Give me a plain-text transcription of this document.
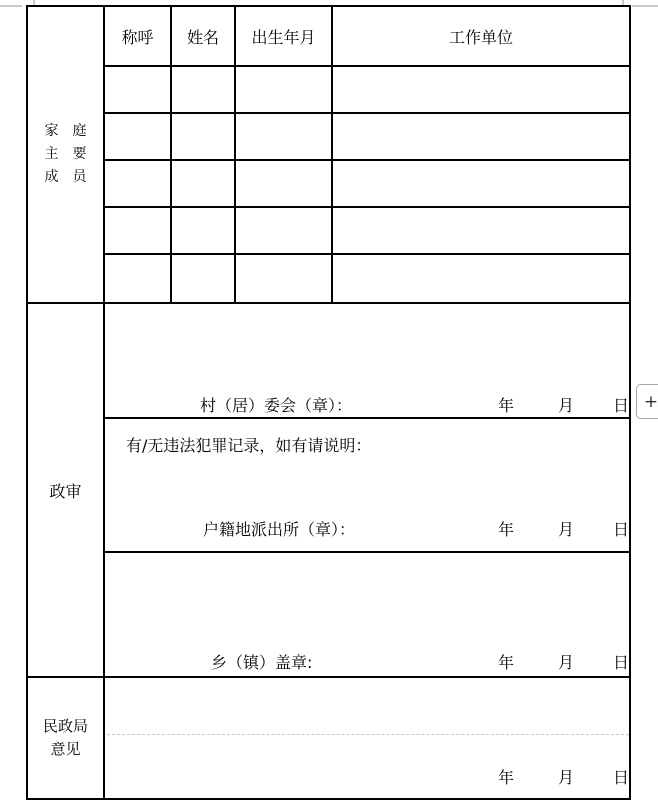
家　庭
主　要
成　员
称呼	姓名	出生年月	工作单位
政审
村（居）委会（章）：	年	月 日
有/无违法犯罪记录，如有请说明：
户籍地派出所（章）：	年	月 日
乡（镇）盖章:	年	月 日
民政局
意见
年	月 日
+
